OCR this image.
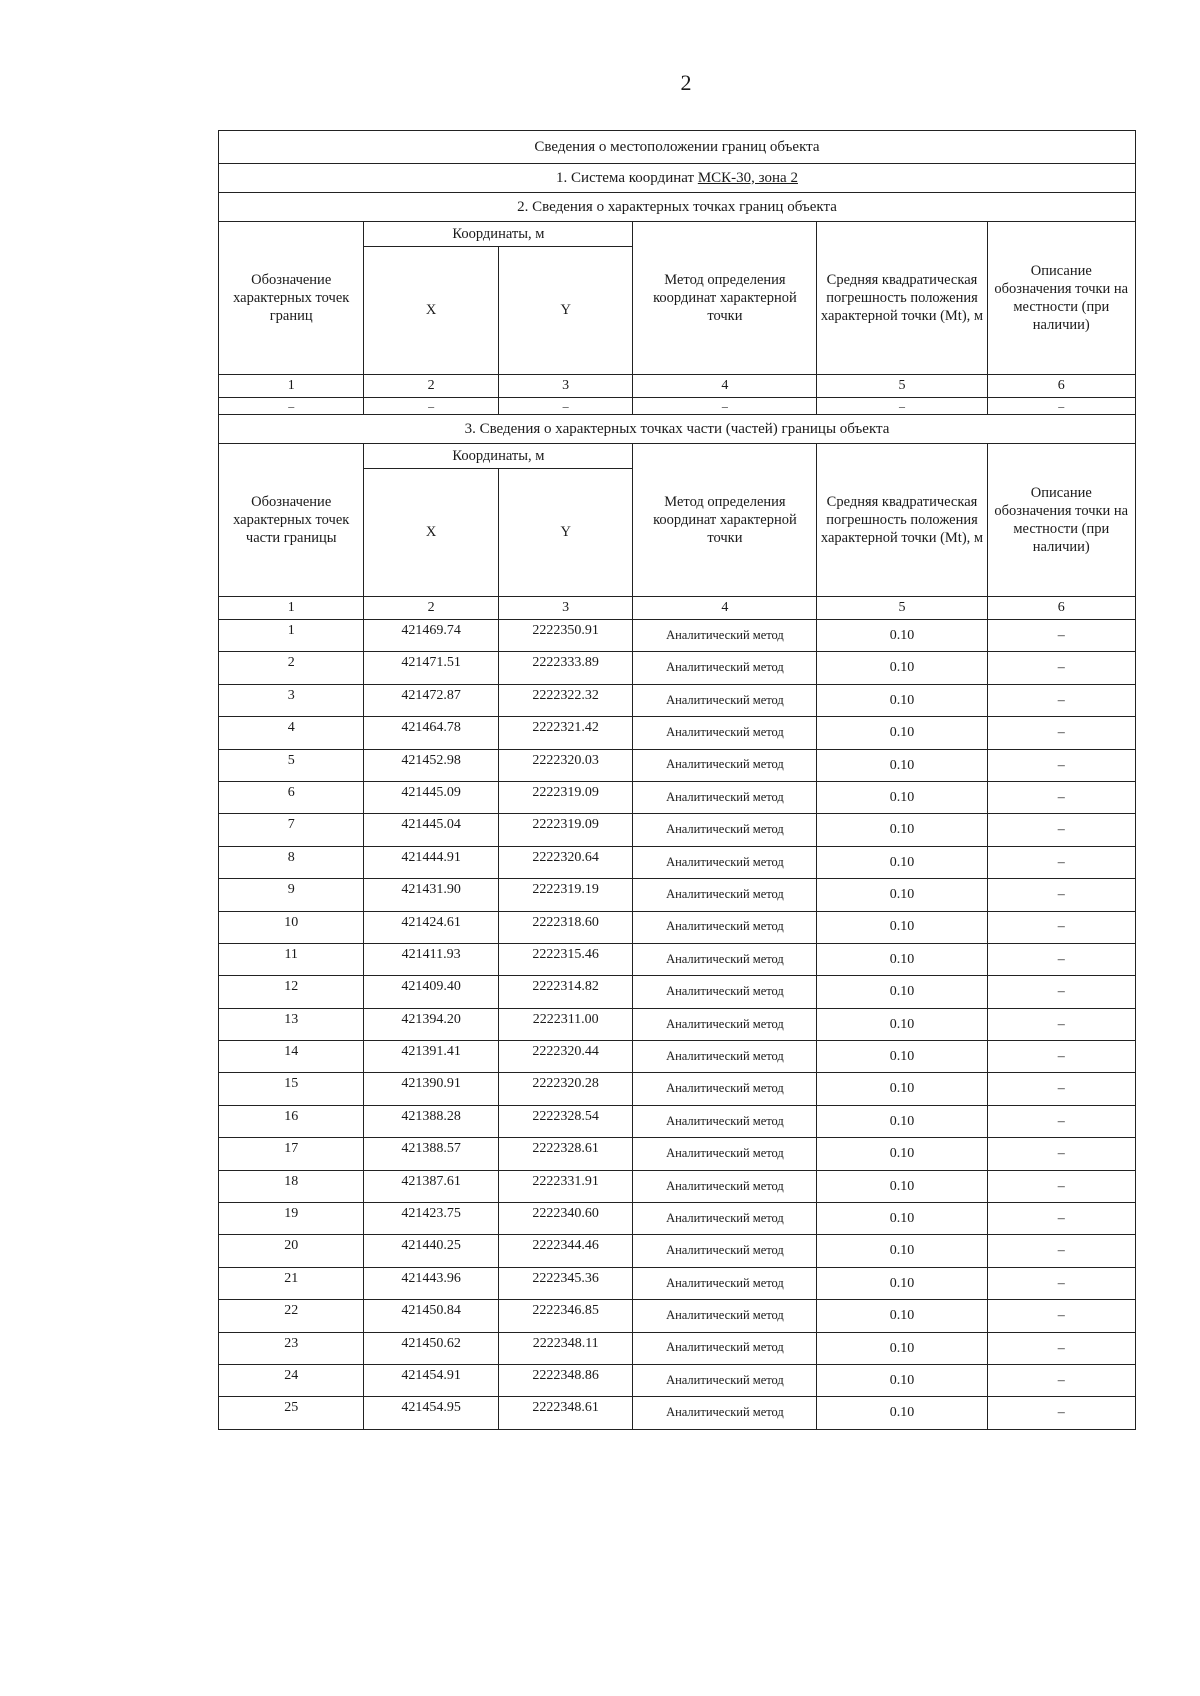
2
Сведения о местоположении границ объекта					
1. Система координат МСК-30, зона 2					
2. Сведения о характерных точках границ объекта					
Обозначение характерных точек границ	Координаты, м		Метод определения координат характерной точки	Средняя квадратическая погрешность положения характерной точки (Mt), м	Описание обозначения точки на местности (при наличии)
	X	Y			
1	2	3	4	5	6
–	–	–	–	–	–
3. Сведения о характерных точках части (частей) границы объекта					
Обозначение характерных точек части границы	Координаты, м		Метод определения координат характерной точки	Средняя квадратическая погрешность положения характерной точки (Mt), м	Описание обозначения точки на местности (при наличии)
	X	Y			
1	2	3	4	5	6
1	421469.74	2222350.91	Аналитический метод	0.10	–
2	421471.51	2222333.89	Аналитический метод	0.10	–
3	421472.87	2222322.32	Аналитический метод	0.10	–
4	421464.78	2222321.42	Аналитический метод	0.10	–
5	421452.98	2222320.03	Аналитический метод	0.10	–
6	421445.09	2222319.09	Аналитический метод	0.10	–
7	421445.04	2222319.09	Аналитический метод	0.10	–
8	421444.91	2222320.64	Аналитический метод	0.10	–
9	421431.90	2222319.19	Аналитический метод	0.10	–
10	421424.61	2222318.60	Аналитический метод	0.10	–
11	421411.93	2222315.46	Аналитический метод	0.10	–
12	421409.40	2222314.82	Аналитический метод	0.10	–
13	421394.20	2222311.00	Аналитический метод	0.10	–
14	421391.41	2222320.44	Аналитический метод	0.10	–
15	421390.91	2222320.28	Аналитический метод	0.10	–
16	421388.28	2222328.54	Аналитический метод	0.10	–
17	421388.57	2222328.61	Аналитический метод	0.10	–
18	421387.61	2222331.91	Аналитический метод	0.10	–
19	421423.75	2222340.60	Аналитический метод	0.10	–
20	421440.25	2222344.46	Аналитический метод	0.10	–
21	421443.96	2222345.36	Аналитический метод	0.10	–
22	421450.84	2222346.85	Аналитический метод	0.10	–
23	421450.62	2222348.11	Аналитический метод	0.10	–
24	421454.91	2222348.86	Аналитический метод	0.10	–
25	421454.95	2222348.61	Аналитический метод	0.10	–
